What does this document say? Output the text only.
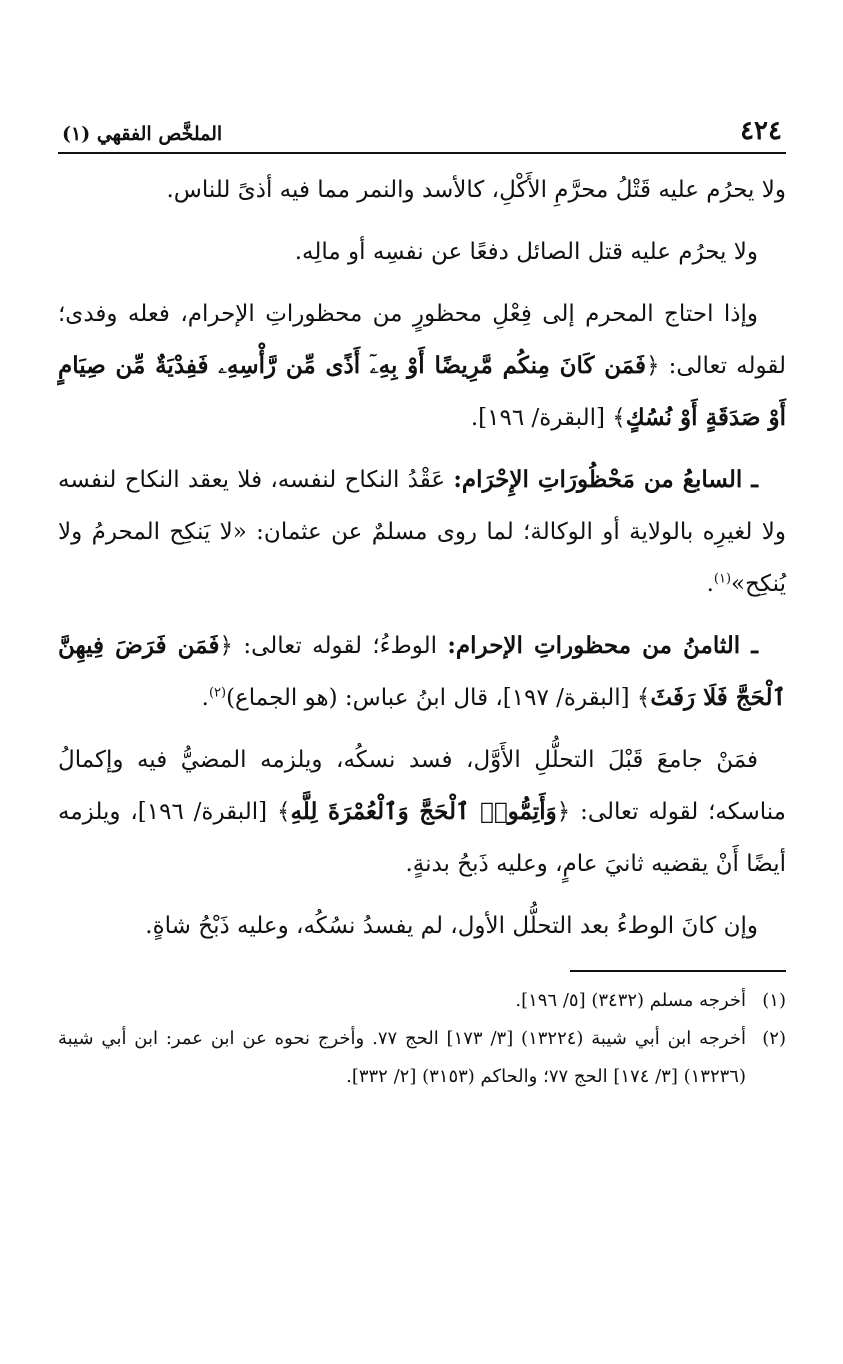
٤٢٤
الملخَّص الفقهي (١)

ولا يحرُم عليه قَتْلُ محرَّمِ الأَكْلِ، كالأسد والنمر مما فيه أذىً للناس.

ولا يحرُم عليه قتل الصائل دفعًا عن نفسِه أو مالِه.

وإذا احتاج المحرم إلى فِعْلِ محظورٍ من محظوراتِ الإحرام، فعله وفدى؛ لقوله تعالى: ﴿فَمَن كَانَ مِنكُم مَّرِيضًا أَوْ بِهِۦٓ أَذًى مِّن رَّأْسِهِۦ فَفِدْيَةٌ مِّن صِيَامٍ أَوْ صَدَقَةٍ أَوْ نُسُكٍ﴾ [البقرة/ ١٩٦].

ـ السابعُ من مَحْظُورَاتِ الإِحْرَام: عَقْدُ النكاح لنفسه، فلا يعقد النكاح لنفسه ولا لغيرِه بالولاية أو الوكالة؛ لما روى مسلمٌ عن عثمان: «لا يَنكِح المحرمُ ولا يُنكِح»$^{(١)}$.

ـ الثامنُ من محظوراتِ الإحرام: الوطءُ؛ لقوله تعالى: ﴿فَمَن فَرَضَ فِيهِنَّ ٱلْحَجَّ فَلَا رَفَثَ﴾ [البقرة/ ١٩٧]، قال ابنُ عباس: (هو الجماع)$^{(٢)}$.

فمَنْ جامعَ قَبْلَ التحلُّلِ الأَوَّل، فسد نسكُه، ويلزمه المضيُّ فيه وإكمالُ مناسكه؛ لقوله تعالى: ﴿وَأَتِمُّوا۟ ٱلْحَجَّ وَٱلْعُمْرَةَ لِلَّهِ﴾ [البقرة/ ١٩٦]، ويلزمه أيضًا أَنْ يقضيه ثانيَ عامٍ، وعليه ذَبحُ بدنةٍ.

وإن كانَ الوطءُ بعد التحلُّل الأول، لم يفسدُ نسُكُه، وعليه ذَبْحُ شاةٍ.

(١)
أخرجه مسلم (٣٤٣٢) [٥/ ١٩٦].
(٢)
أخرجه ابن أبي شيبة (١٣٢٢٤) [٣/ ١٧٣] الحج ٧٧. وأخرج نحوه عن ابن عمر: ابن أبي شيبة (١٣٢٣٦) [٣/ ١٧٤] الحج ٧٧؛ والحاكم (٣١٥٣) [٢/ ٣٣٢].
